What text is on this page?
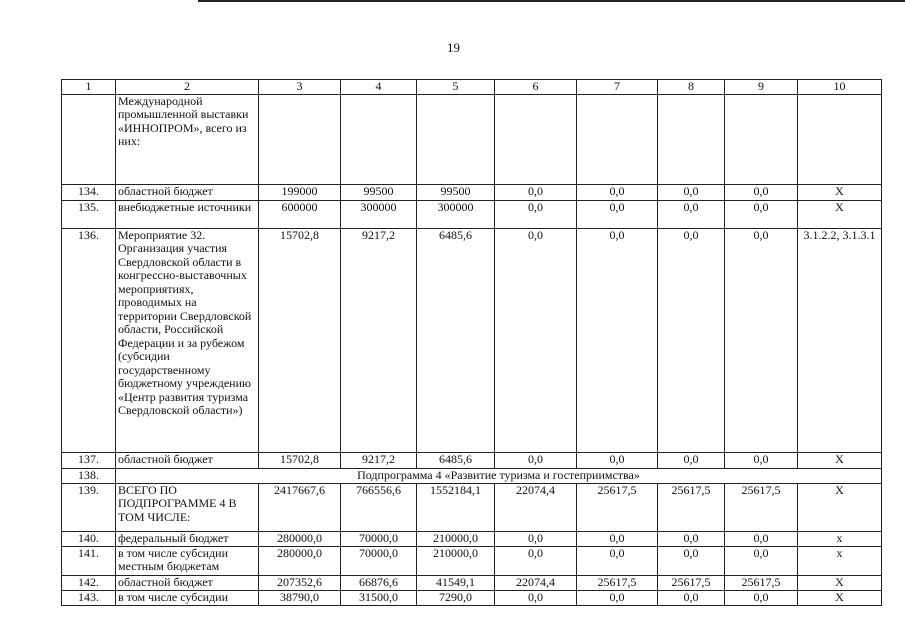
19
1	2	3	4	5	6	7	8	9	10
	Международной промышленной выставки «ИННОПРОМ», всего из них:								
134.	областной бюджет	199000	99500	99500	0,0	0,0	0,0	0,0	Х
135.	внебюджетные источники	600000	300000	300000	0,0	0,0	0,0	0,0	Х
136.	Мероприятие 32. Организация участия Свердловской области в конгрессно-выставочных мероприятиях, проводимых на территории Свердловской области, Российской Федерации и за рубежом (субсидии государственному бюджетному учреждению «Центр развития туризма Свердловской области»)	15702,8	9217,2	6485,6	0,0	0,0	0,0	0,0	3.1.2.2, 3.1.3.1
137.	областной бюджет	15702,8	9217,2	6485,6	0,0	0,0	0,0	0,0	Х
138.	Подпрограмма 4 «Развитие туризма и гостеприимства»								
139.	ВСЕГО ПО ПОДПРОГРАММЕ 4 В ТОМ ЧИСЛЕ:	2417667,6	766556,6	1552184,1	22074,4	25617,5	25617,5	25617,5	Х
140.	федеральный бюджет	280000,0	70000,0	210000,0	0,0	0,0	0,0	0,0	х
141.	в том числе субсидии местным бюджетам	280000,0	70000,0	210000,0	0,0	0,0	0,0	0,0	х
142.	областной бюджет	207352,6	66876,6	41549,1	22074,4	25617,5	25617,5	25617,5	Х
143.	в том числе субсидии	38790,0	31500,0	7290,0	0,0	0,0	0,0	0,0	Х
